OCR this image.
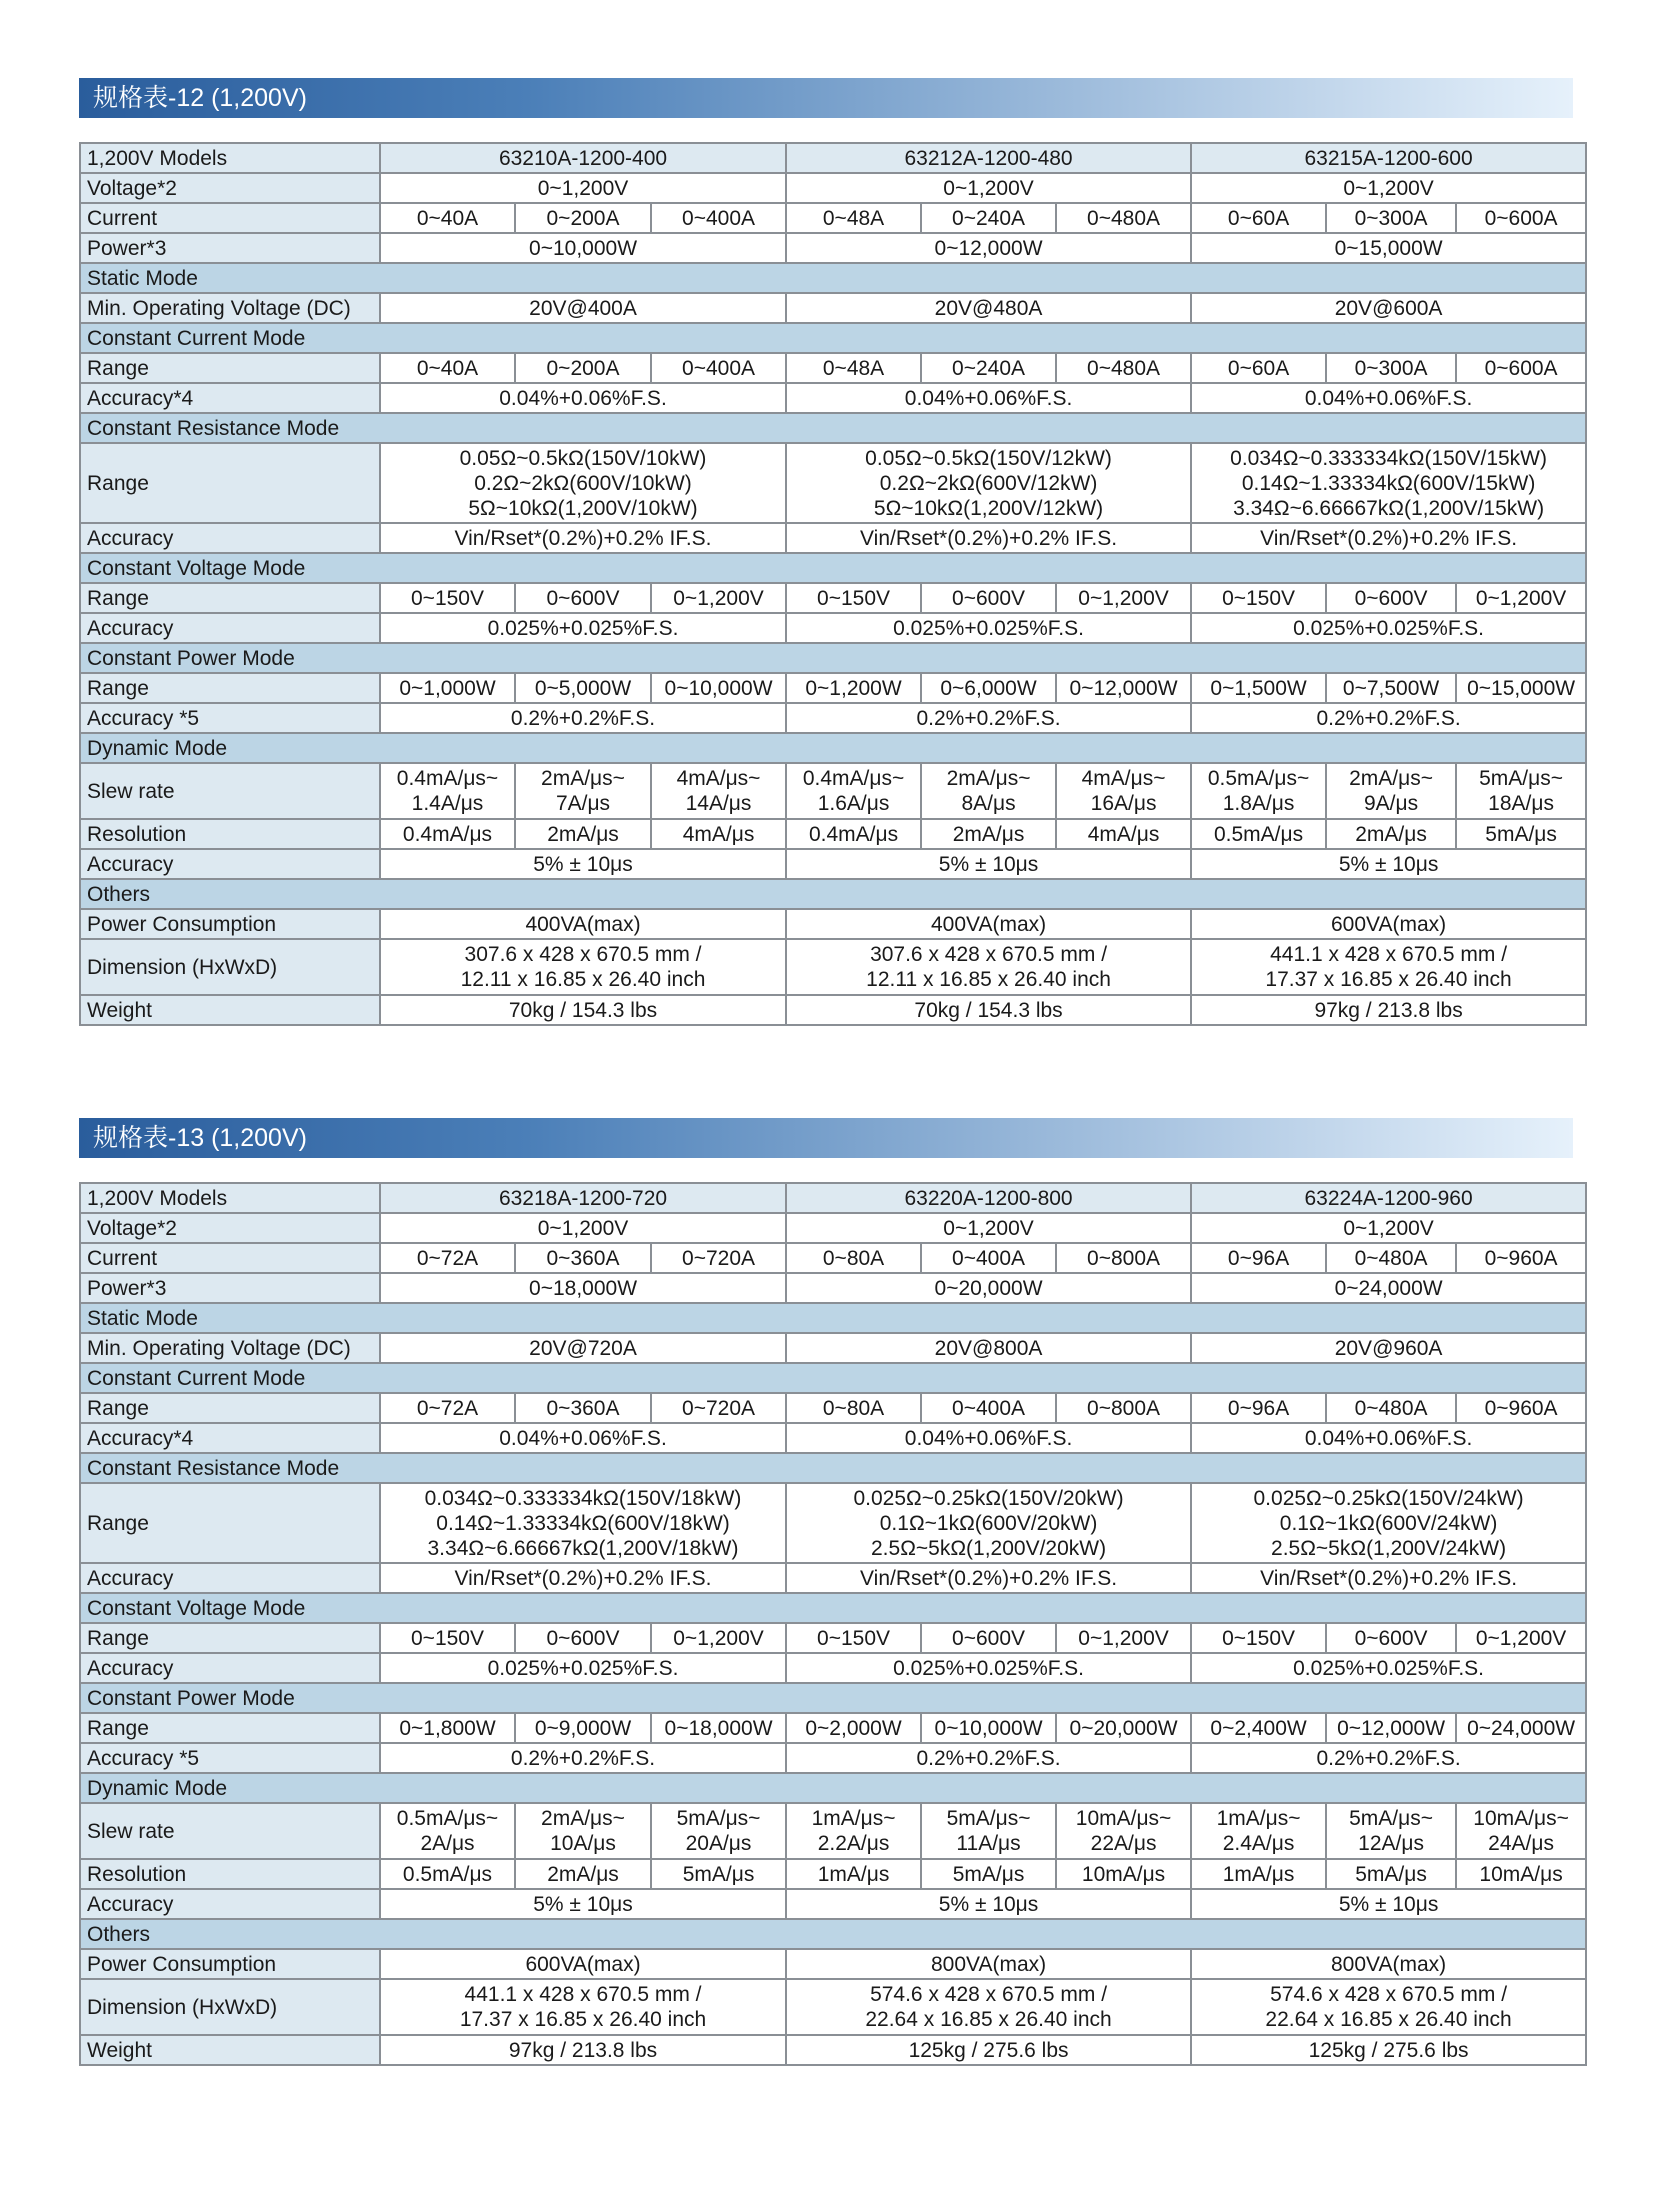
规格表-12 (1,200V)
1,200V Models	63210A-1200-400			63212A-1200-480			63215A-1200-600		
Voltage*2	0~1,200V			0~1,200V			0~1,200V		
Current	0~40A	0~200A	0~400A	0~48A	0~240A	0~480A	0~60A	0~300A	0~600A
Power*3	0~10,000W			0~12,000W			0~15,000W		
Static Mode									
Min. Operating Voltage (DC)	20V@400A			20V@480A			20V@600A		
Constant Current Mode									
Range	0~40A	0~200A	0~400A	0~48A	0~240A	0~480A	0~60A	0~300A	0~600A
Accuracy*4	0.04%+0.06%F.S.			0.04%+0.06%F.S.			0.04%+0.06%F.S.		
Constant Resistance Mode									
Range	0.05Ω~0.5kΩ(150V/10kW)
0.2Ω~2kΩ(600V/10kW)
5Ω~10kΩ(1,200V/10kW)			0.05Ω~0.5kΩ(150V/12kW)
0.2Ω~2kΩ(600V/12kW)
5Ω~10kΩ(1,200V/12kW)			0.034Ω~0.333334kΩ(150V/15kW)
0.14Ω~1.33334kΩ(600V/15kW)
3.34Ω~6.66667kΩ(1,200V/15kW)		

Accuracy	Vin/Rset*(0.2%)+0.2% IF.S.			Vin/Rset*(0.2%)+0.2% IF.S.			Vin/Rset*(0.2%)+0.2% IF.S.		
Constant Voltage Mode									
Range	0~150V	0~600V	0~1,200V	0~150V	0~600V	0~1,200V	0~150V	0~600V	0~1,200V
Accuracy	0.025%+0.025%F.S.			0.025%+0.025%F.S.			0.025%+0.025%F.S.		
Constant Power Mode									
Range	0~1,000W	0~5,000W	0~10,000W	0~1,200W	0~6,000W	0~12,000W	0~1,500W	0~7,500W	0~15,000W
Accuracy *5	0.2%+0.2%F.S.			0.2%+0.2%F.S.			0.2%+0.2%F.S.		
Dynamic Mode									
Slew rate	0.4mA/μs~
1.4A/μs	2mA/μs~
7A/μs	4mA/μs~
14A/μs	0.4mA/μs~
1.6A/μs	2mA/μs~
8A/μs	4mA/μs~
16A/μs	0.5mA/μs~
1.8A/μs	2mA/μs~
9A/μs	5mA/μs~
18A/μs

Resolution	0.4mA/μs	2mA/μs	4mA/μs	0.4mA/μs	2mA/μs	4mA/μs	0.5mA/μs	2mA/μs	5mA/μs
Accuracy	5% ± 10μs			5% ± 10μs			5% ± 10μs		
Others									
Power Consumption	400VA(max)			400VA(max)			600VA(max)		
Dimension (HxWxD)	307.6 x 428 x 670.5 mm /
12.11 x 16.85 x 26.40 inch			307.6 x 428 x 670.5 mm /
12.11 x 16.85 x 26.40 inch			441.1 x 428 x 670.5 mm /
17.37 x 16.85 x 26.40 inch		

Weight	70kg / 154.3 lbs			70kg / 154.3 lbs			97kg / 213.8 lbs		
规格表-13 (1,200V)
1,200V Models	63218A-1200-720			63220A-1200-800			63224A-1200-960		
Voltage*2	0~1,200V			0~1,200V			0~1,200V		
Current	0~72A	0~360A	0~720A	0~80A	0~400A	0~800A	0~96A	0~480A	0~960A
Power*3	0~18,000W			0~20,000W			0~24,000W		
Static Mode									
Min. Operating Voltage (DC)	20V@720A			20V@800A			20V@960A		
Constant Current Mode									
Range	0~72A	0~360A	0~720A	0~80A	0~400A	0~800A	0~96A	0~480A	0~960A
Accuracy*4	0.04%+0.06%F.S.			0.04%+0.06%F.S.			0.04%+0.06%F.S.		
Constant Resistance Mode									
Range	0.034Ω~0.333334kΩ(150V/18kW)
0.14Ω~1.33334kΩ(600V/18kW)
3.34Ω~6.66667kΩ(1,200V/18kW)			0.025Ω~0.25kΩ(150V/20kW)
0.1Ω~1kΩ(600V/20kW)
2.5Ω~5kΩ(1,200V/20kW)			0.025Ω~0.25kΩ(150V/24kW)
0.1Ω~1kΩ(600V/24kW)
2.5Ω~5kΩ(1,200V/24kW)		

Accuracy	Vin/Rset*(0.2%)+0.2% IF.S.			Vin/Rset*(0.2%)+0.2% IF.S.			Vin/Rset*(0.2%)+0.2% IF.S.		
Constant Voltage Mode									
Range	0~150V	0~600V	0~1,200V	0~150V	0~600V	0~1,200V	0~150V	0~600V	0~1,200V
Accuracy	0.025%+0.025%F.S.			0.025%+0.025%F.S.			0.025%+0.025%F.S.		
Constant Power Mode									
Range	0~1,800W	0~9,000W	0~18,000W	0~2,000W	0~10,000W	0~20,000W	0~2,400W	0~12,000W	0~24,000W
Accuracy *5	0.2%+0.2%F.S.			0.2%+0.2%F.S.			0.2%+0.2%F.S.		
Dynamic Mode									
Slew rate	0.5mA/μs~
2A/μs	2mA/μs~
10A/μs	5mA/μs~
20A/μs	1mA/μs~
2.2A/μs	5mA/μs~
11A/μs	10mA/μs~
22A/μs	1mA/μs~
2.4A/μs	5mA/μs~
12A/μs	10mA/μs~
24A/μs

Resolution	0.5mA/μs	2mA/μs	5mA/μs	1mA/μs	5mA/μs	10mA/μs	1mA/μs	5mA/μs	10mA/μs
Accuracy	5% ± 10μs			5% ± 10μs			5% ± 10μs		
Others									
Power Consumption	600VA(max)			800VA(max)			800VA(max)		
Dimension (HxWxD)	441.1 x 428 x 670.5 mm /
17.37 x 16.85 x 26.40 inch			574.6 x 428 x 670.5 mm /
22.64 x 16.85 x 26.40 inch			574.6 x 428 x 670.5 mm /
22.64 x 16.85 x 26.40 inch		

Weight	97kg / 213.8 lbs			125kg / 275.6 lbs			125kg / 275.6 lbs		
